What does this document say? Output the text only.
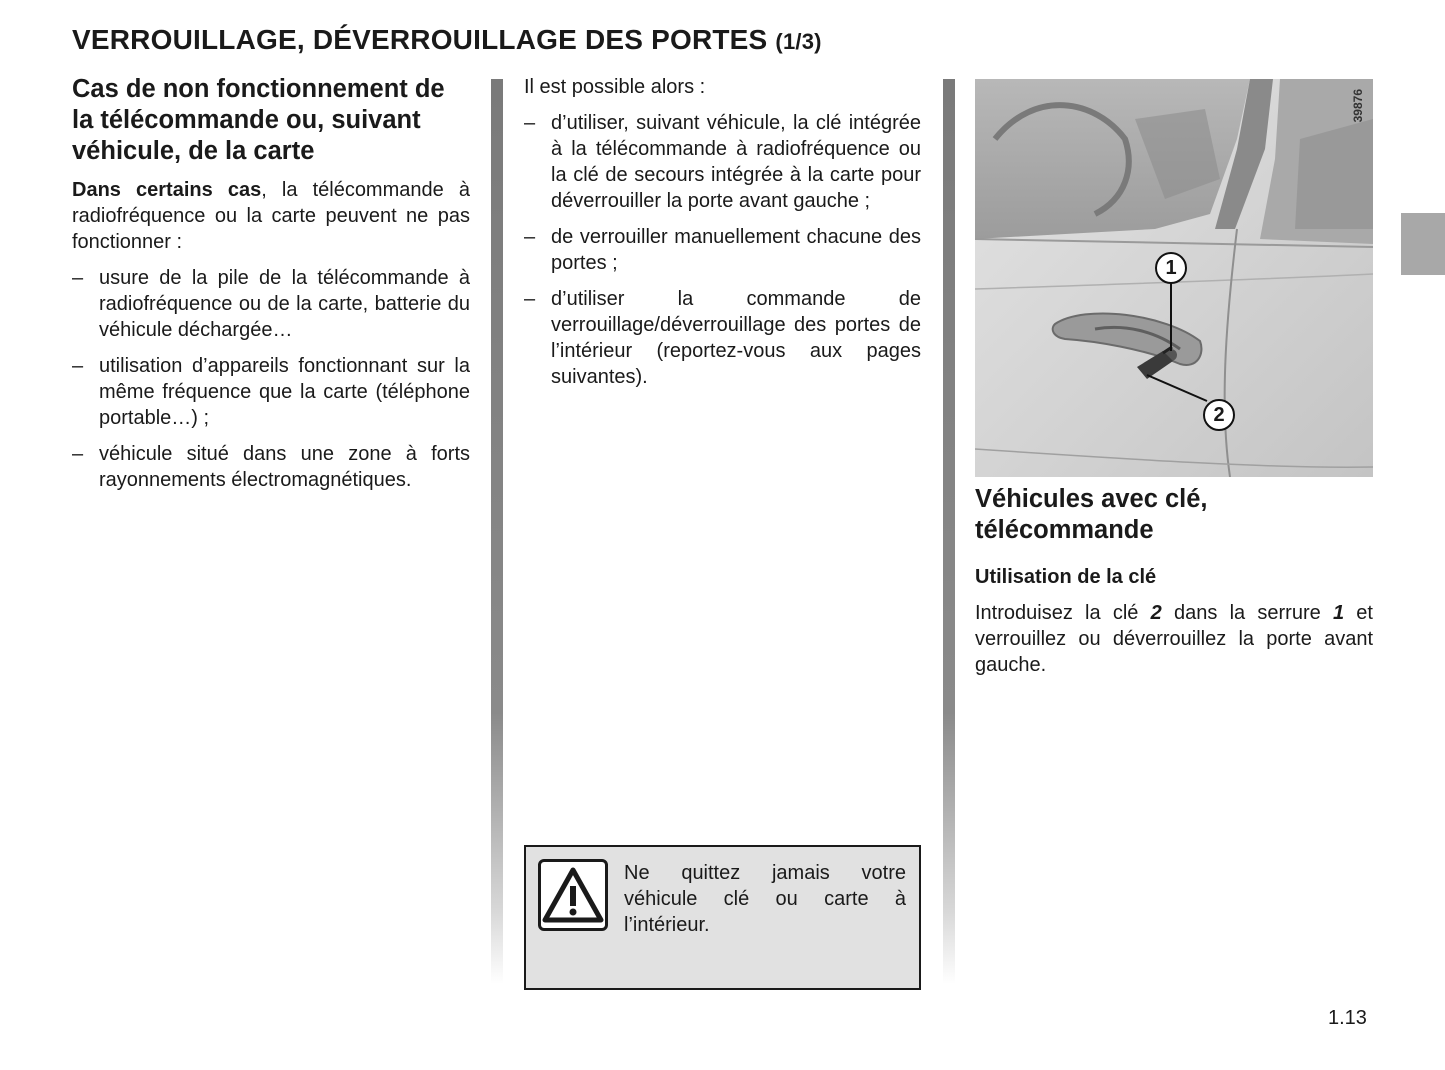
VERROUILLAGE, DÉVERROUILLAGE DES PORTES (1/3)
Cas de non fonctionnement de la télécommande ou, suivant véhicule, de la carte

Dans certains cas, la télécommande à radiofréquence ou la carte peuvent ne pas fonctionner :

– usure de la pile de la télécommande à radiofréquence ou de la carte, batterie du véhicule déchargée…
– utilisation d’appareils fonctionnant sur la même fréquence que la carte (téléphone portable…) ;
– véhicule situé dans une zone à forts rayonnements électromagnétiques.

Il est possible alors :

– d’utiliser, suivant véhicule, la clé intégrée à la télécommande à radiofréquence ou la clé de secours intégrée à la carte pour déverrouiller la porte avant gauche ;
– de verrouiller manuellement chacune des portes ;
– d’utiliser la commande de verrouillage/déverrouillage des portes de l’intérieur (reportez-vous aux pages suivantes).
Ne quittez jamais votre véhicule clé ou carte à l’intérieur.
39876
1
2
Véhicules avec clé, télécommande
Utilisation de la clé

Introduisez la clé 2 dans la serrure 1 et verrouillez ou déverrouillez la porte avant gauche.

1.13
